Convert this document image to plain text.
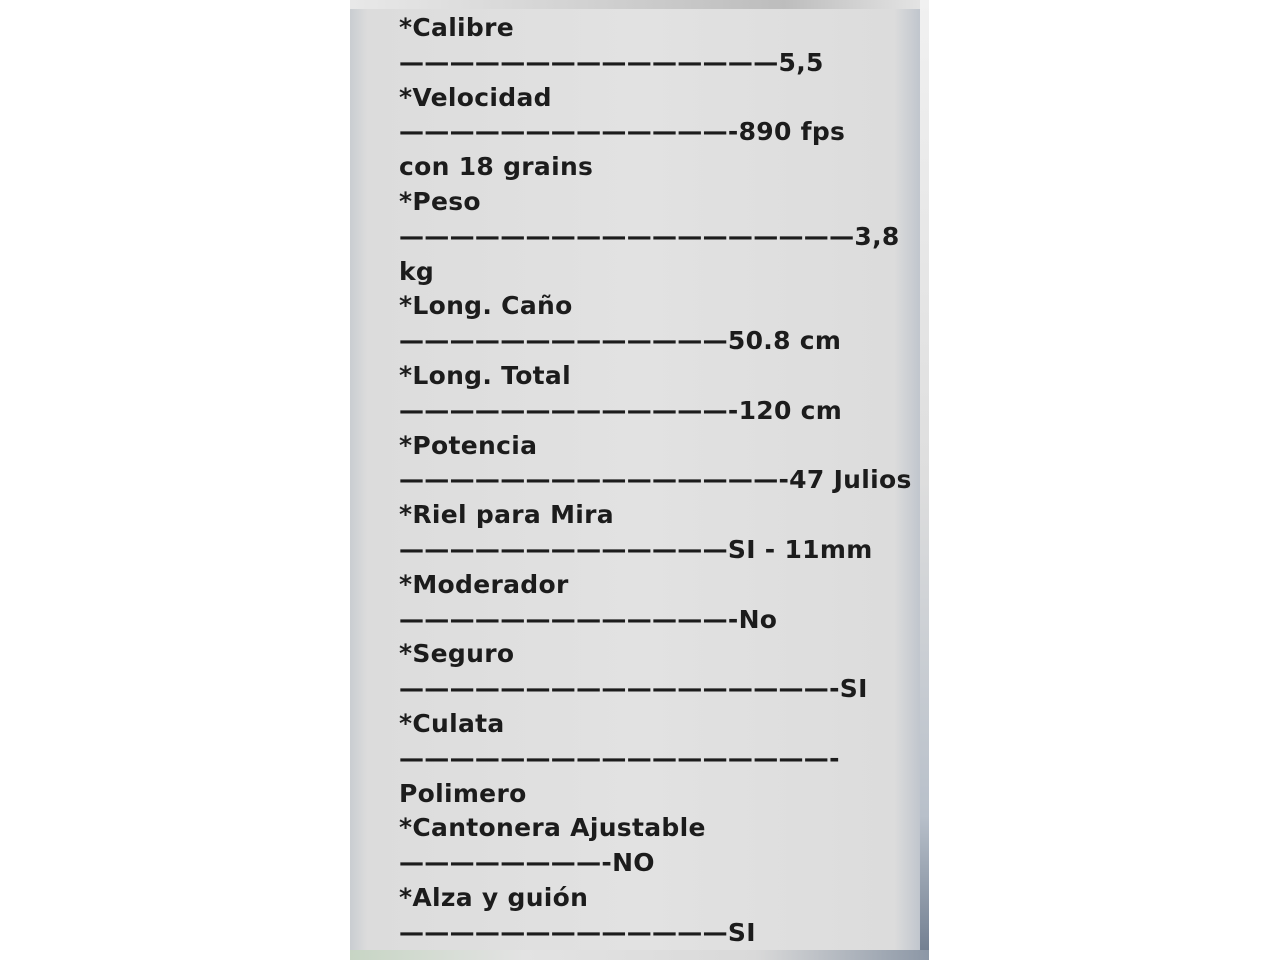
*Calibre
———————————————5,5
*Velocidad
—————————————-890 fps
con 18 grains
*Peso
——————————————————3,8
kg
*Long. Caño
—————————————50.8 cm
*Long. Total
—————————————-120 cm
*Potencia
———————————————-47 Julios
*Riel para Mira
—————————————SI - 11mm
*Moderador
—————————————-No
*Seguro
—————————————————-SI
*Culata
—————————————————-
Polimero
*Cantonera Ajustable
————————-NO
*Alza y guión
—————————————SI
